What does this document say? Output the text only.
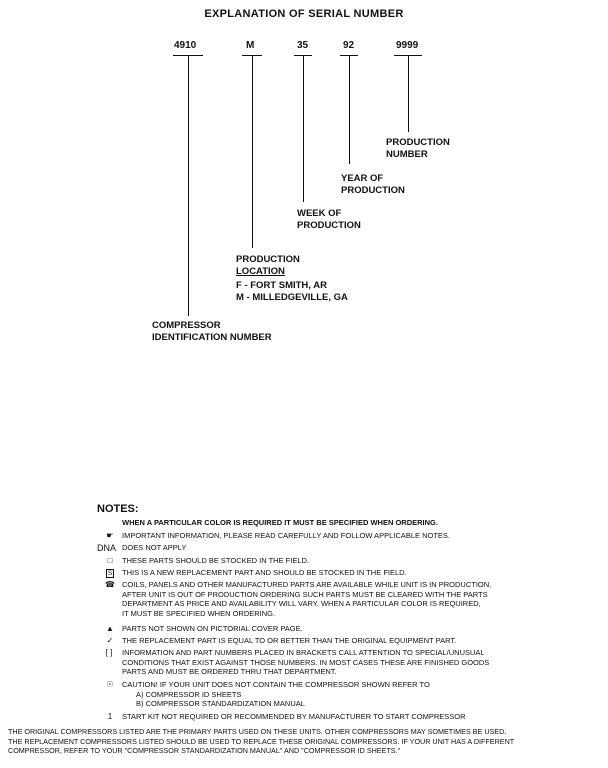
EXPLANATION OF SERIAL NUMBER
4910	M	35	92	9999
PRODUCTION
NUMBER
YEAR OF
PRODUCTION
WEEK OF
PRODUCTION
PRODUCTION
LOCATION
F - FORT SMITH, AR
M - MILLEDGEVILLE, GA
COMPRESSOR
IDENTIFICATION NUMBER
NOTES:
WHEN A PARTICULAR COLOR IS REQUIRED IT MUST BE SPECIFIED WHEN ORDERING.
☛	IMPORTANT INFORMATION, PLEASE READ CAREFULLY AND FOLLOW APPLICABLE NOTES.
DNA DOES NOT APPLY
□	THESE PARTS SHOULD BE STOCKED IN THE FIELD.
S	THIS IS A NEW REPLACEMENT PART AND SHOULD BE STOCKED IN THE FIELD.
☎ COILS, PANELS AND OTHER MANUFACTURED PARTS ARE AVAILABLE WHILE UNIT IS IN PRODUCTION.
AFTER UNIT IS OUT OF PRODUCTION ORDERING SUCH PARTS MUST BE CLEARED WITH THE PARTS
DEPARTMENT AS PRICE AND AVAILABILITY WILL VARY. WHEN A PARTICULAR COLOR IS REQUIRED,
IT MUST BE SPECIFIED WHEN ORDERING.
▲ PARTS NOT SHOWN ON PICTORIAL COVER PAGE.
✓	THE REPLACEMENT PART IS EQUAL TO OR BETTER THAN THE ORIGINAL EQUIPMENT PART.
[ ]	INFORMATION AND PART NUMBERS PLACED IN BRACKETS CALL ATTENTION TO SPECIAL/UNUSUAL
CONDITIONS THAT EXIST AGAINST THOSE NUMBERS. IN MOST CASES THESE ARE FINISHED GOODS
PARTS AND MUST BE ORDERED THRU THAT DEPARTMENT.
☉	CAUTION! IF YOUR UNIT DOES NOT CONTAIN THE COMPRESSOR SHOWN REFER TO
A) COMPRESSOR ID SHEETS
B) COMPRESSOR STANDARDIZATION MANUAL
1	START KIT NOT REQUIRED OR RECOMMENDED BY MANUFACTURER TO START COMPRESSOR
THE ORIGINAL COMPRESSORS LISTED ARE THE PRIMARY PARTS USED ON THESE UNITS. OTHER COMPRESSORS MAY SOMETIMES BE USED.
THE REPLACEMENT COMPRESSORS LISTED SHOULD BE USED TO REPLACE THESE ORIGINAL COMPRESSORS. IF YOUR UNIT HAS A DIFFERENT
COMPRESSOR, REFER TO YOUR "COMPRESSOR STANDARDIZATION MANUAL" AND "COMPRESSOR ID SHEETS."
